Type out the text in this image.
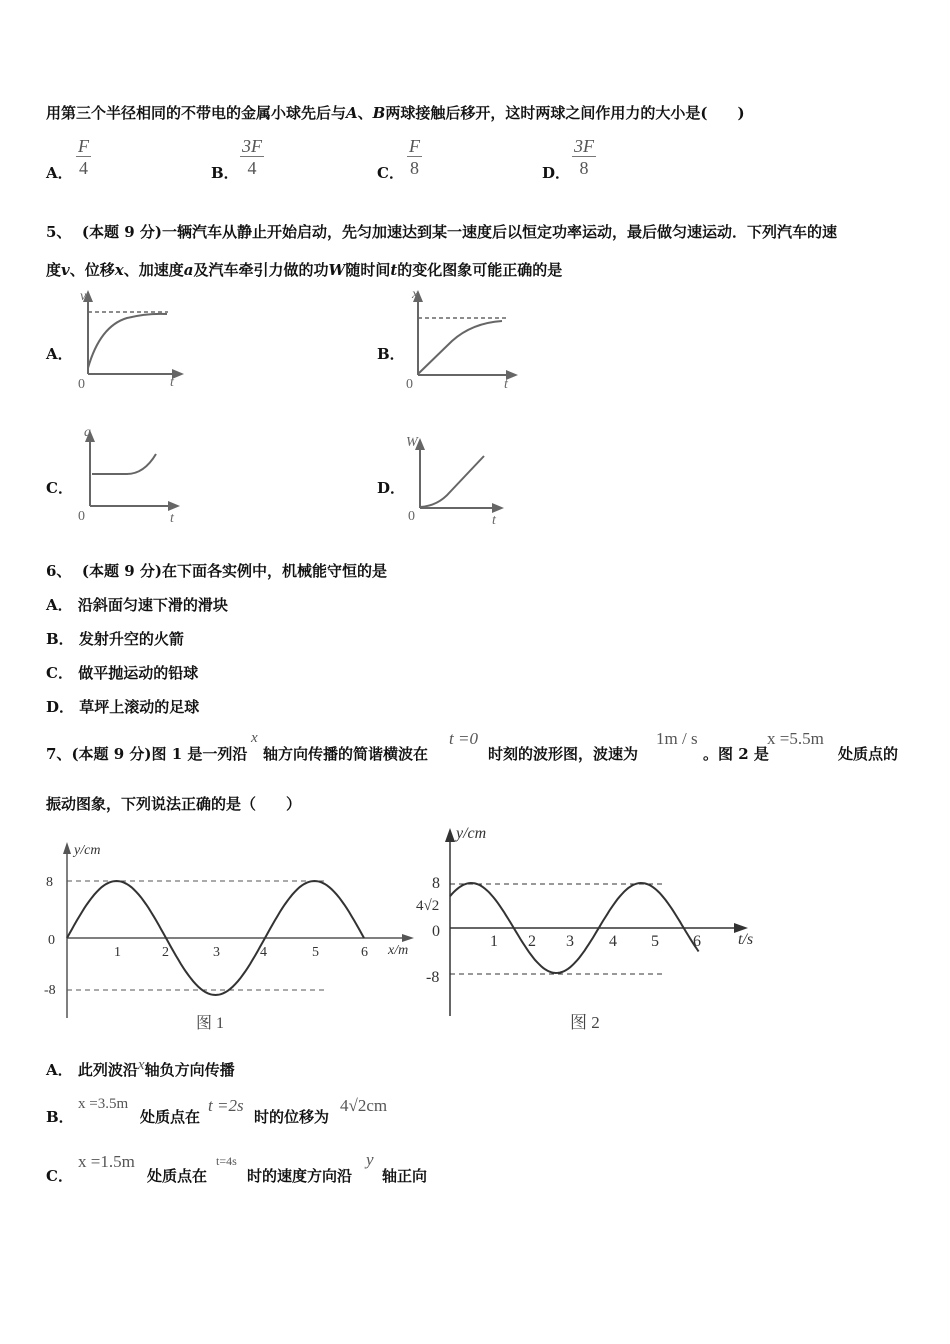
用第三个半径相同的不带电的金属小球先后与A、B两球接触后移开，这时两球之间作用力的大小是(　　)
A．
F
4	B．
3F
4	C．
F
8	D．
3F
8
5、 (本题 9 分)一辆汽车从静止开始启动，先匀加速达到某一速度后以恒定功率运动，最后做匀速运动．下列汽车的速
度v、位移x、加速度a及汽车牵引力做的功W随时间t的变化图象可能正确的是
A．
v
t
0
B．
x
t
0
C．
a
t
0
D．
W
t
0
6、 (本题 9 分)在下面各实例中，机械能守恒的是
A． 沿斜面匀速下滑的滑块
B． 发射升空的火箭
C． 做平抛运动的铅球
D． 草坪上滚动的足球
7、(本题 9 分)图 1 是一列沿
x
轴方向传播的简谐横波在
t =0
时刻的波形图，波速为
1m / s
。图 2 是
x =5.5m
处质点的
振动图象，下列说法正确的是（　　）
y/cm
8
0
-8
1	2	3	4	5	6 x/m
图 1
y/cm
8
4√2
0
-8
1 2 3 4 5 6 t/s
图 2
A． 此列波沿x轴负方向传播
B．
x =3.5m
处质点在
t =2s
时的位移为
4√2cm
C．
x =1.5m
处质点在
t=4s
时的速度方向沿
y
轴正向
